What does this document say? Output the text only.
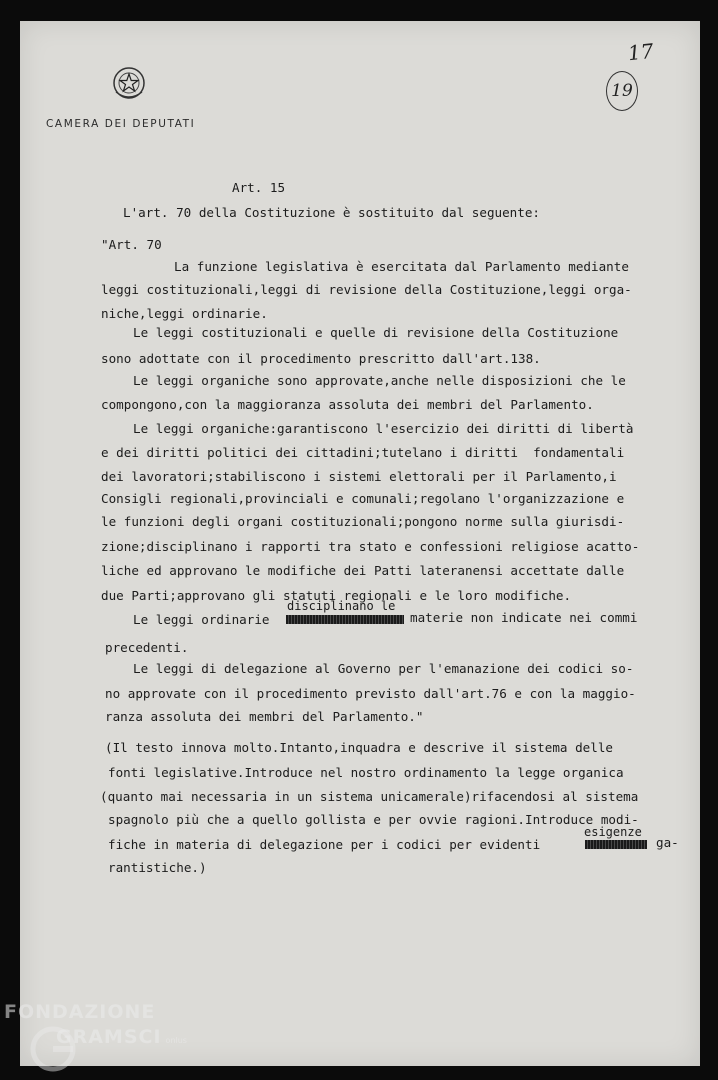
CAMERA DEI DEPUTATI
17
19
Art. 15
L'art. 70 della Costituzione è sostituito dal seguente:
"Art. 70
La funzione legislativa è esercitata dal Parlamento mediante
leggi costituzionali,leggi di revisione della Costituzione,leggi orga-
niche,leggi ordinarie.
Le leggi costituzionali e quelle di revisione della Costituzione
sono adottate con il procedimento prescritto dall'art.138.
Le leggi organiche sono approvate,anche nelle disposizioni che le
compongono,con la maggioranza assoluta dei membri del Parlamento.
Le leggi organiche:garantiscono l'esercizio dei diritti di libertà
e dei diritti politici dei cittadini;tutelano i diritti  fondamentali
dei lavoratori;stabiliscono i sistemi elettorali per il Parlamento,i
Consigli regionali,provinciali e comunali;regolano l'organizzazione e
le funzioni degli organi costituzionali;pongono norme sulla giurisdi-
zione;disciplinano i rapporti tra stato e confessioni religiose acatto-
liche ed approvano le modifiche dei Patti lateranensi accettate dalle
due Parti;approvano gli statuti regionali e le loro modifiche.
Le leggi ordinarie
disciplinano le
materie non indicate nei commi
precedenti.
Le leggi di delegazione al Governo per l'emanazione dei codici so-
no approvate con il procedimento previsto dall'art.76 e con la maggio-
ranza assoluta dei membri del Parlamento."
(Il testo innova molto.Intanto,inquadra e descrive il sistema delle
fonti legislative.Introduce nel nostro ordinamento la legge organica
(quanto mai necessaria in un sistema unicamerale)rifacendosi al sistema
spagnolo più che a quello gollista e per ovvie ragioni.Introduce modi-
fiche in materia di delegazione per i codici per evidenti
esigenze
ga-
rantistiche.)
FONDAZIONE
GRAMSCI onlus
